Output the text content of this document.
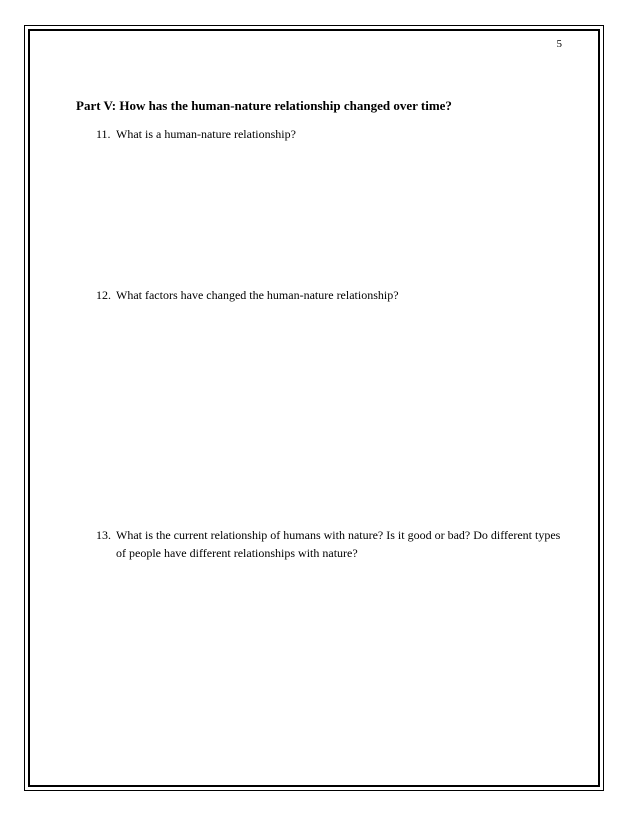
5
Part V: How has the human-nature relationship changed over time?
11. What is a human-nature relationship?
12. What factors have changed the human-nature relationship?
13. What is the current relationship of humans with nature? Is it good or bad? Do different types of people have different relationships with nature?
